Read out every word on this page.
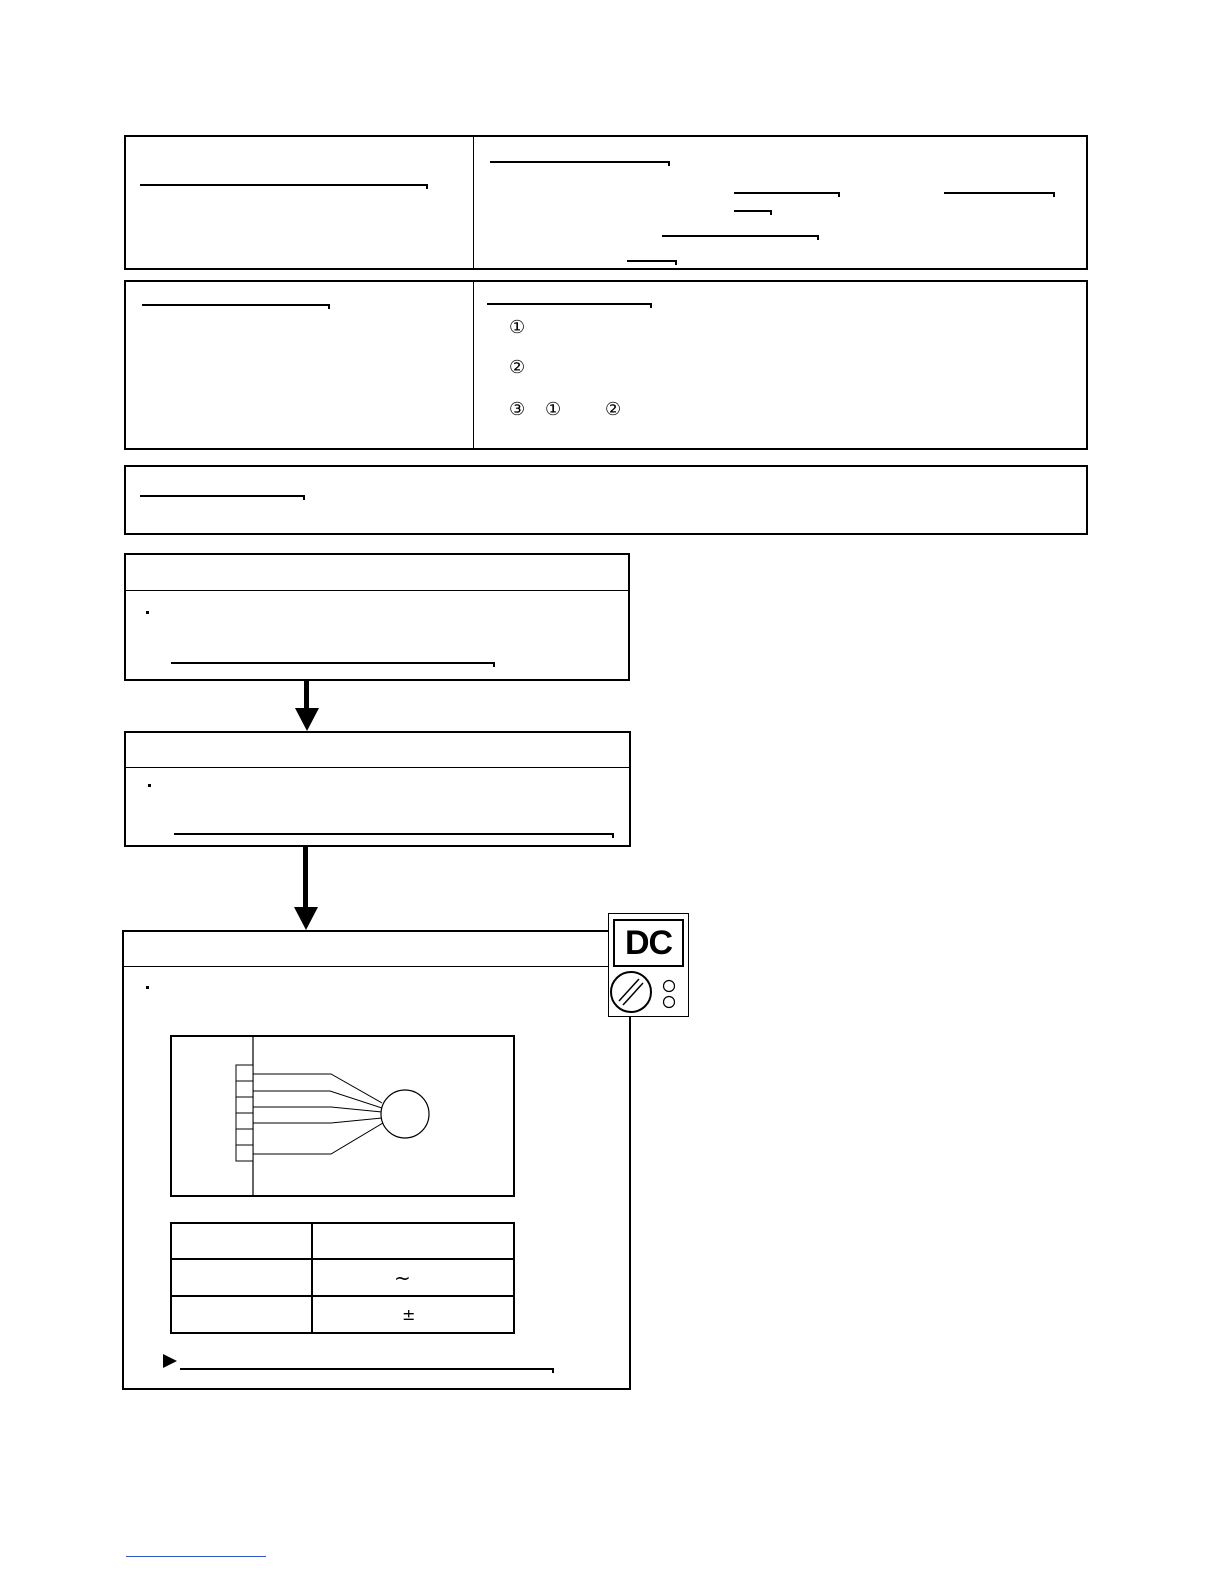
①
②
③ ① ②
~
±
DC
